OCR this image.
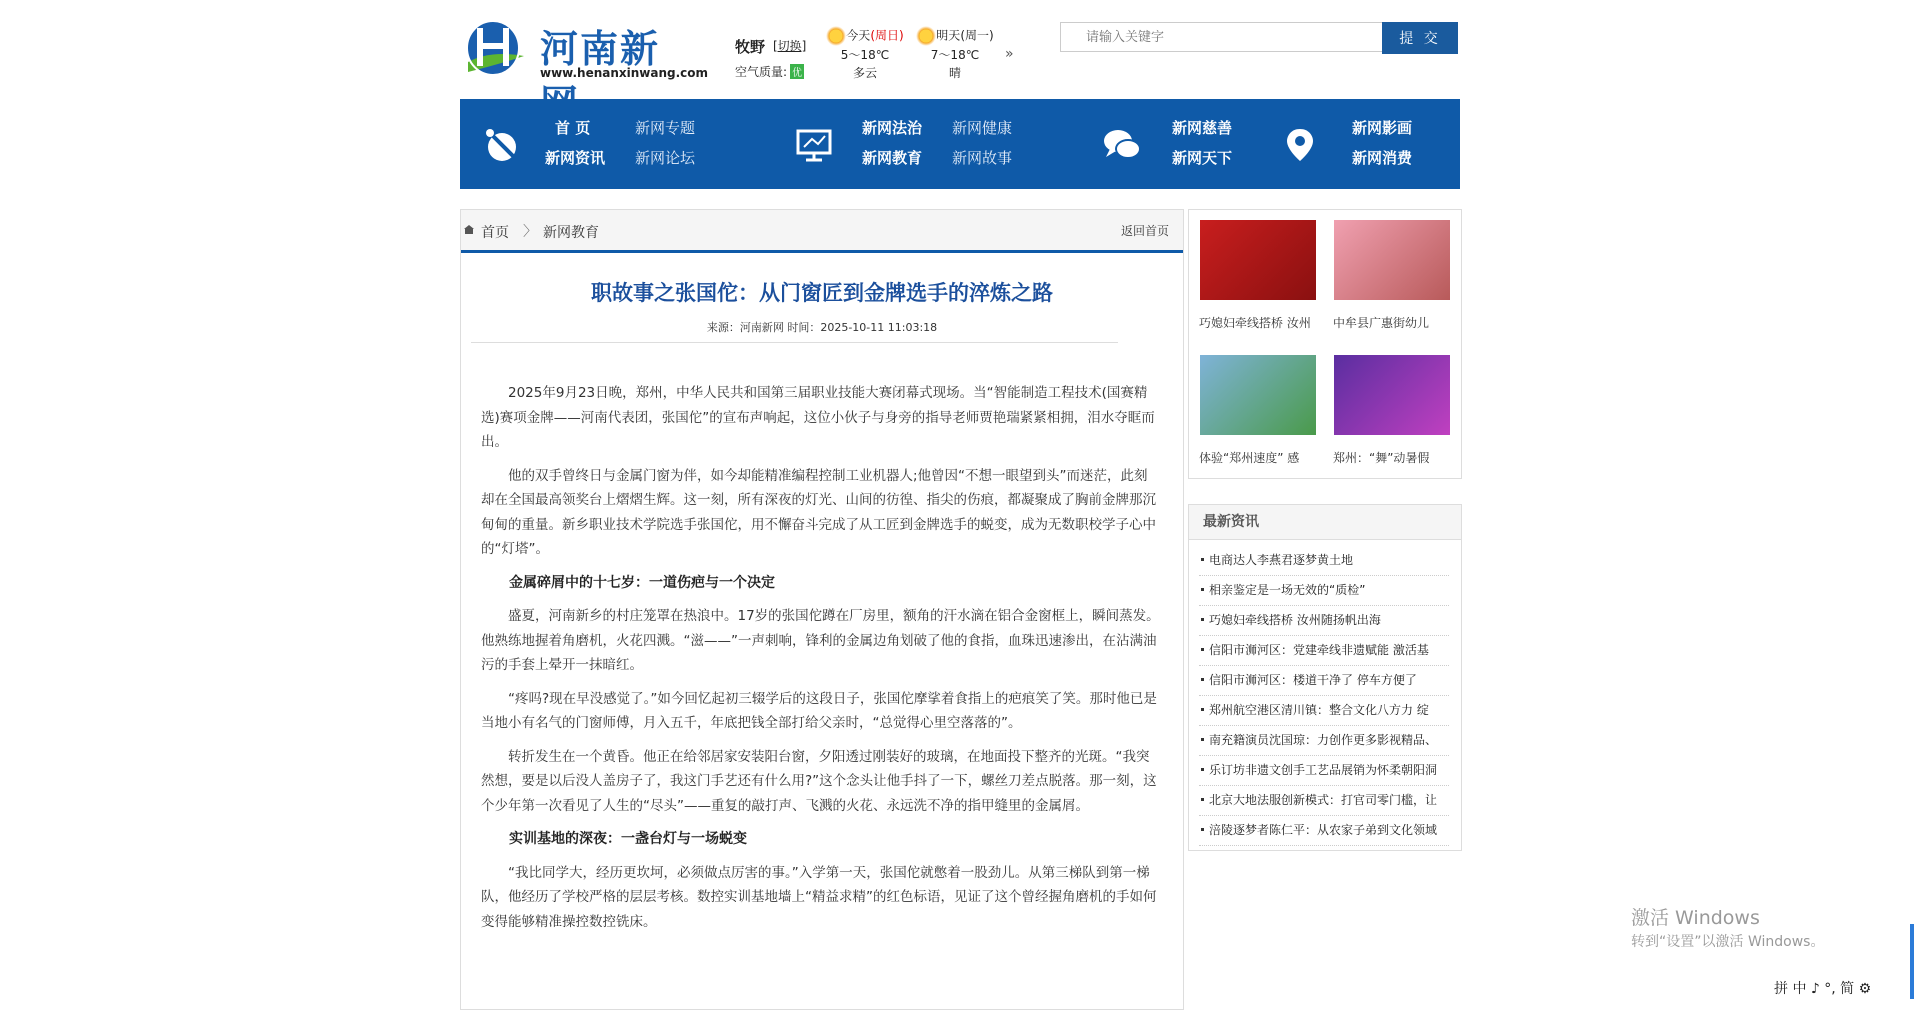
河南新
www.henanxinwang.com
牧野 [切换]
空气质量: 优
今天(周日)
5～18℃
多云
明天(周一)
7～18℃
晴
»
请输入关键字
提 交
首 页
新网资讯
新网专题
新网论坛
新网法治
新网教育
新网健康
新网故事
新网慈善
新网天下
新网影画
新网消费
首页 〉 新网教育	返回首页
职故事之张国佗：从门窗匠到金牌选手的淬炼之路
来源：河南新网 时间：2025-10-11 11:03:18

2025年9月23日晚，郑州，中华人民共和国第三届职业技能大赛闭幕式现场。当“智能制造工程技术(国赛精选)赛项金牌——河南代表团，张国佗”的宣布声响起，这位小伙子与身旁的指导老师贾艳瑞紧紧相拥，泪水夺眶而出。

他的双手曾终日与金属门窗为伴，如今却能精准编程控制工业机器人;他曾因“不想一眼望到头”而迷茫，此刻却在全国最高领奖台上熠熠生辉。这一刻，所有深夜的灯光、山间的彷徨、指尖的伤痕，都凝聚成了胸前金牌那沉甸甸的重量。新乡职业技术学院选手张国佗，用不懈奋斗完成了从工匠到金牌选手的蜕变，成为无数职校学子心中的“灯塔”。

金属碎屑中的十七岁：一道伤疤与一个决定

盛夏，河南新乡的村庄笼罩在热浪中。17岁的张国佗蹲在厂房里，额角的汗水滴在铝合金窗框上，瞬间蒸发。他熟练地握着角磨机，火花四溅。“滋——”一声刺响，锋利的金属边角划破了他的食指，血珠迅速渗出，在沾满油污的手套上晕开一抹暗红。

“疼吗?现在早没感觉了。”如今回忆起初三辍学后的这段日子，张国佗摩挲着食指上的疤痕笑了笑。那时他已是当地小有名气的门窗师傅，月入五千，年底把钱全部打给父亲时，“总觉得心里空落落的”。

转折发生在一个黄昏。他正在给邻居家安装阳台窗，夕阳透过刚装好的玻璃，在地面投下整齐的光斑。“我突然想，要是以后没人盖房子了，我这门手艺还有什么用?”这个念头让他手抖了一下，螺丝刀差点脱落。那一刻，这个少年第一次看见了人生的“尽头”——重复的敲打声、飞溅的火花、永远洗不净的指甲缝里的金属屑。

实训基地的深夜：一盏台灯与一场蜕变

“我比同学大，经历更坎坷，必须做点厉害的事。”入学第一天，张国佗就憋着一股劲儿。从第三梯队到第一梯队，他经历了学校严格的层层考核。数控实训基地墙上“精益求精”的红色标语，见证了这个曾经握角磨机的手如何变得能够精准操控数控铣床。

巧媳妇牵线搭桥 汝州	中牟县广惠街幼儿
体验“郑州速度” 感	郑州：“舞”动暑假
最新资讯
电商达人李燕君逐梦黄土地
相亲鉴定是一场无效的“质检”
巧媳妇牵线搭桥 汝州随扬帆出海
信阳市浉河区：党建牵线非遗赋能 激活基
信阳市浉河区：楼道干净了 停车方便了
郑州航空港区清川镇：整合文化八方力 绽
南充籍演员沈国琼：力创作更多影视精品、
乐订坊非遗文创手工艺品展销为怀柔朝阳洞
北京大地法服创新模式：打官司零门槛，让
涪陵逐梦者陈仁平：从农家子弟到文化领域
激活 Windows
转到“设置”以激活 Windows。
拼 中 ♪ °, 简 ⚙
